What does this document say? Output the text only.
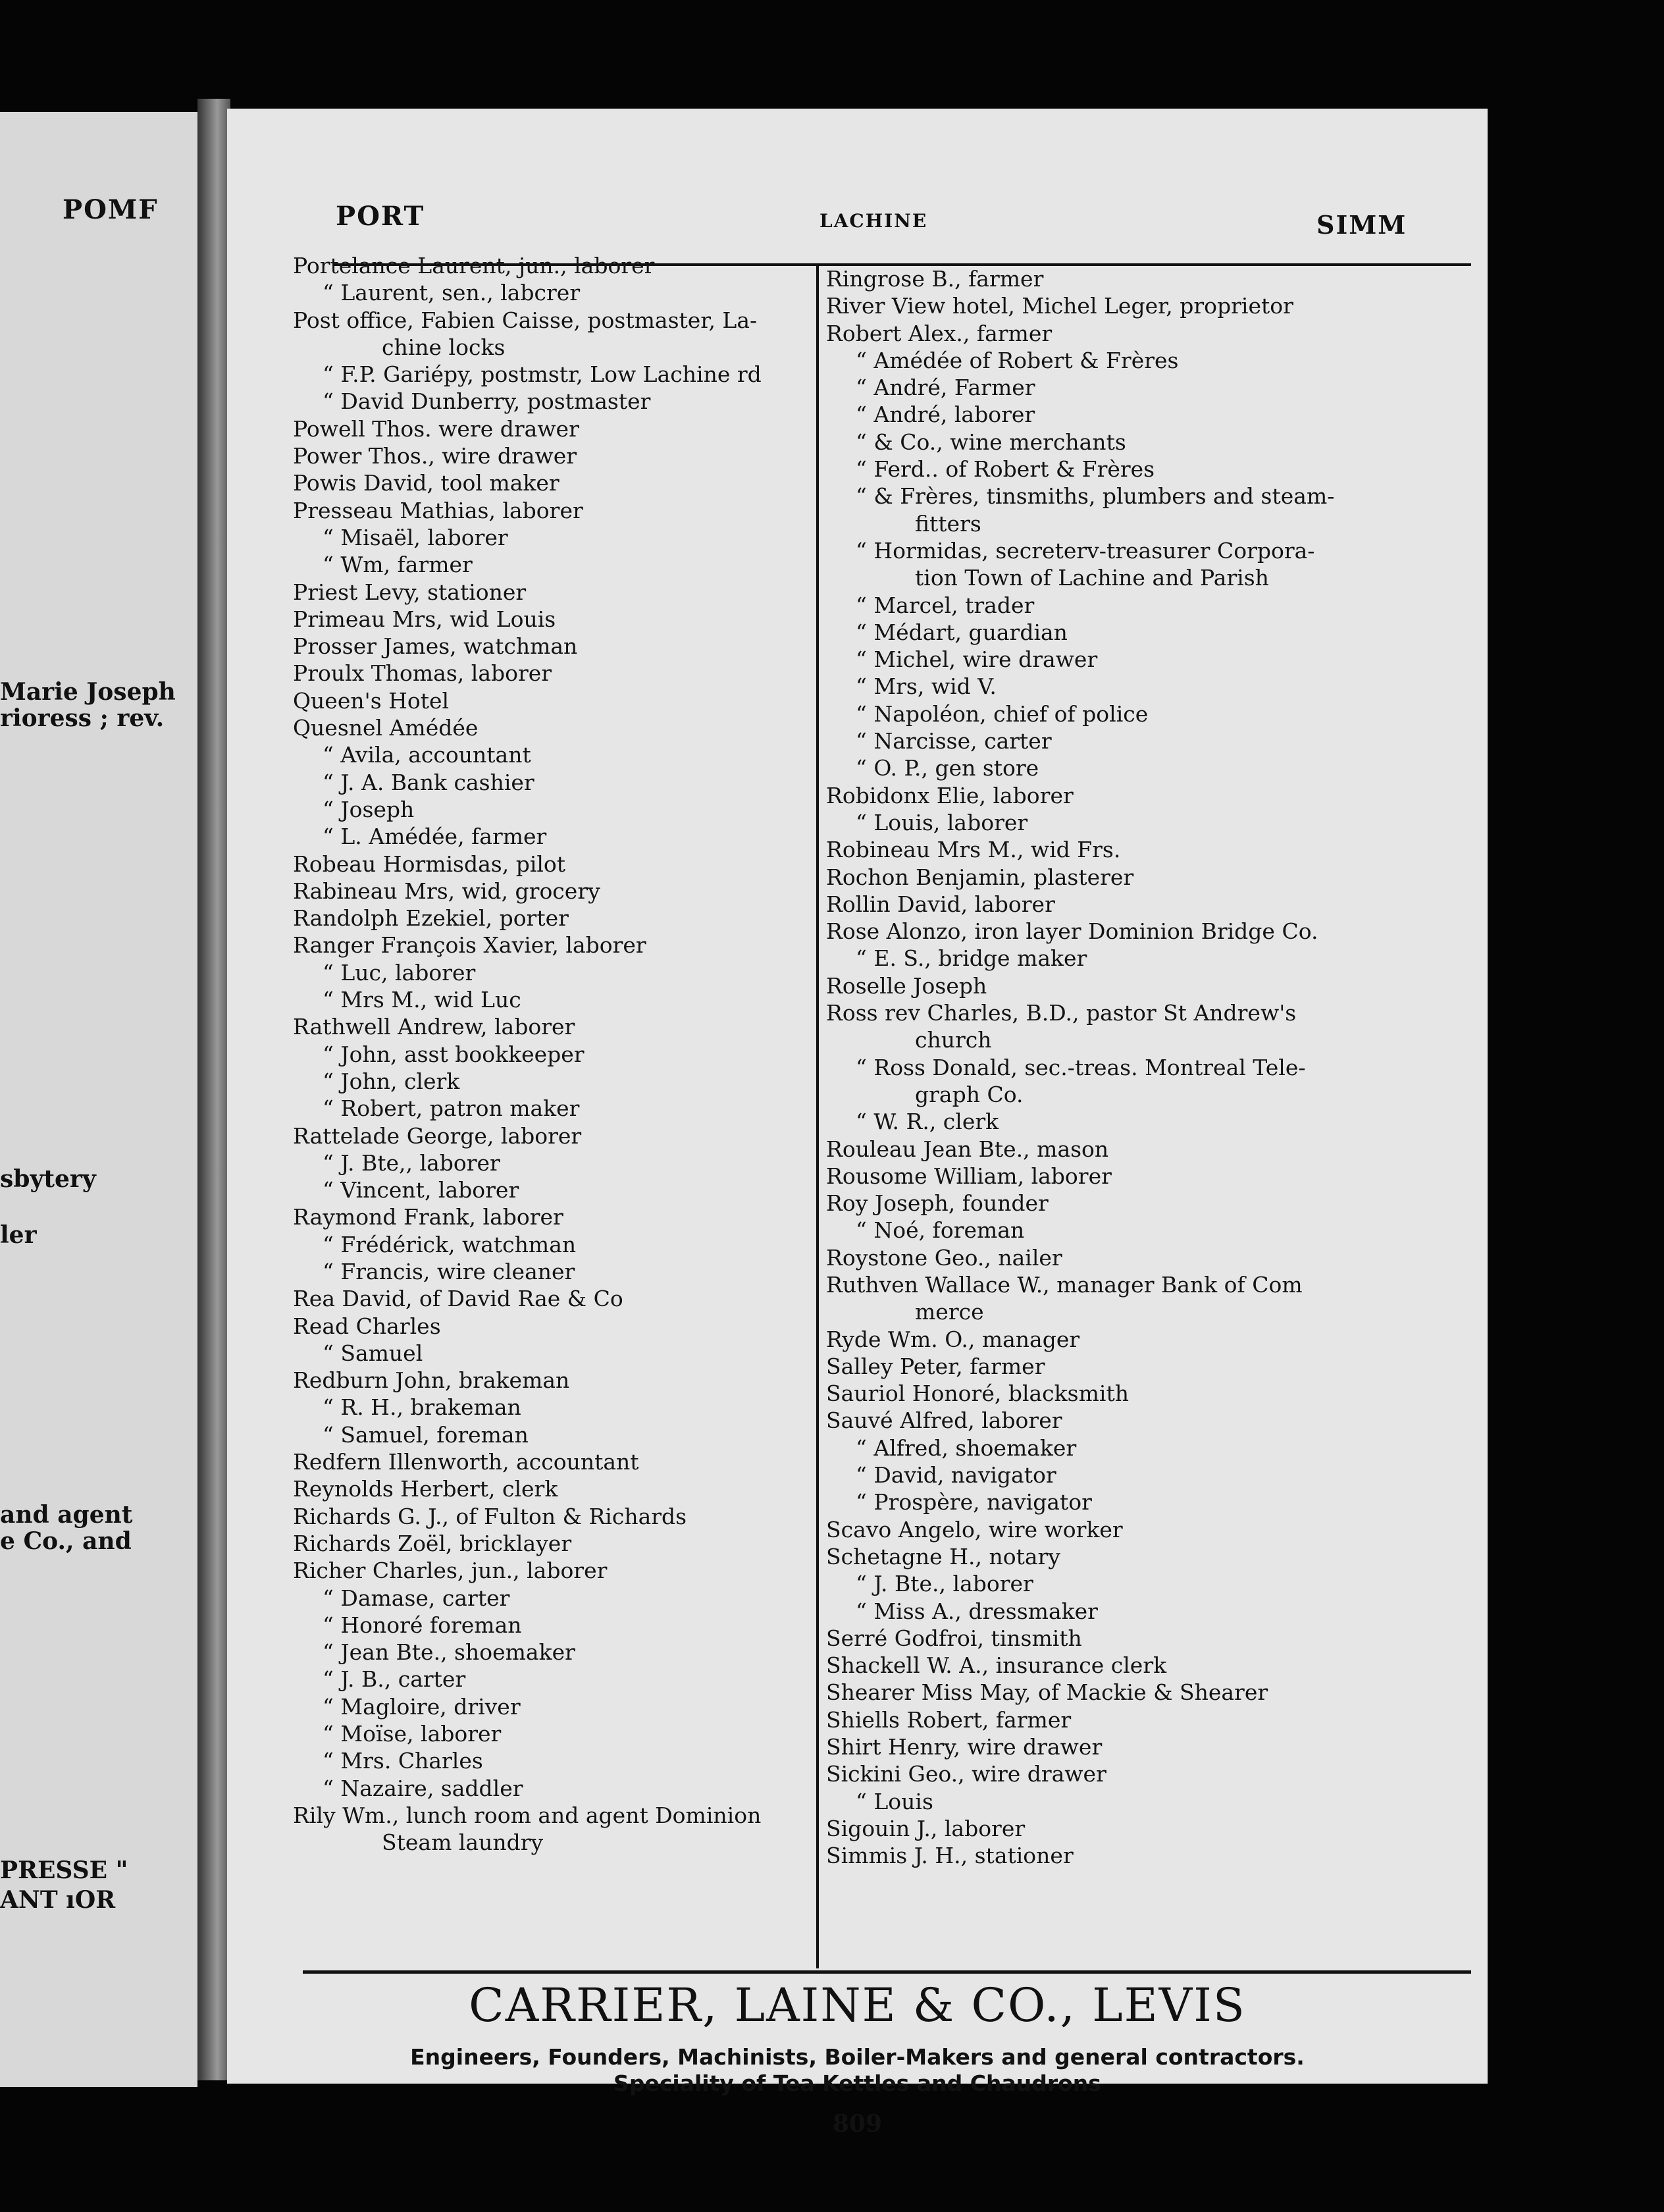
POMF
Marie Joseph
rioress ; rev.
sbytery
ler
and agent
e Co., and
PRESSE "
ANT ıOR
PORT	LACHINE	SIMM
Portelance Laurent, jun., laborer
“ Laurent, sen., labcrer
Post office, Fabien Caisse, postmaster, La-
chine locks
“ F.P. Gariépy, postmstr, Low Lachine rd
“ David Dunberry, postmaster
Powell Thos. were drawer
Power Thos., wire drawer
Powis David, tool maker
Presseau Mathias, laborer
“ Misaël, laborer
“ Wm, farmer
Priest Levy, stationer
Primeau Mrs, wid Louis
Prosser James, watchman
Proulx Thomas, laborer
Queen's Hotel
Quesnel Amédée
“ Avila, accountant
“ J. A. Bank cashier
“ Joseph
“ L. Amédée, farmer
Robeau Hormisdas, pilot
Rabineau Mrs, wid, grocery
Randolph Ezekiel, porter
Ranger François Xavier, laborer
“ Luc, laborer
“ Mrs M., wid Luc
Rathwell Andrew, laborer
“ John, asst bookkeeper
“ John, clerk
“ Robert, patron maker
Rattelade George, laborer
“ J. Bte,, laborer
“ Vincent, laborer
Raymond Frank, laborer
“ Frédérick, watchman
“ Francis, wire cleaner
Rea David, of David Rae & Co
Read Charles
“ Samuel
Redburn John, brakeman
“ R. H., brakeman
“ Samuel, foreman
Redfern Illenworth, accountant
Reynolds Herbert, clerk
Richards G. J., of Fulton & Richards
Richards Zoël, bricklayer
Richer Charles, jun., laborer
“ Damase, carter
“ Honoré foreman
“ Jean Bte., shoemaker
“ J. B., carter
“ Magloire, driver
“ Moïse, laborer
“ Mrs. Charles
“ Nazaire, saddler
Rily Wm., lunch room and agent Dominion
Steam laundry
Ringrose B., farmer
River View hotel, Michel Leger, proprietor
Robert Alex., farmer
“ Amédée of Robert & Frères
“ André, Farmer
“ André, laborer
“ & Co., wine merchants
“ Ferd.. of Robert & Frères
“ & Frères, tinsmiths, plumbers and steam-
fitters
“ Hormidas, secreterv-treasurer Corpora-
tion Town of Lachine and Parish
“ Marcel, trader
“ Médart, guardian
“ Michel, wire drawer
“ Mrs, wid V.
“ Napoléon, chief of police
“ Narcisse, carter
“ O. P., gen store
Robidonx Elie, laborer
“ Louis, laborer
Robineau Mrs M., wid Frs.
Rochon Benjamin, plasterer
Rollin David, laborer
Rose Alonzo, iron layer Dominion Bridge Co.
“ E. S., bridge maker
Roselle Joseph
Ross rev Charles, B.D., pastor St Andrew's
church
“ Ross Donald, sec.-treas. Montreal Tele-
graph Co.
“ W. R., clerk
Rouleau Jean Bte., mason
Rousome William, laborer
Roy Joseph, founder
“ Noé, foreman
Roystone Geo., nailer
Ruthven Wallace W., manager Bank of Com
merce
Ryde Wm. O., manager
Salley Peter, farmer
Sauriol Honoré, blacksmith
Sauvé Alfred, laborer
“ Alfred, shoemaker
“ David, navigator
“ Prospère, navigator
Scavo Angelo, wire worker
Schetagne H., notary
“ J. Bte., laborer
“ Miss A., dressmaker
Serré Godfroi, tinsmith
Shackell W. A., insurance clerk
Shearer Miss May, of Mackie & Shearer
Shiells Robert, farmer
Shirt Henry, wire drawer
Sickini Geo., wire drawer
“ Louis
Sigouin J., laborer
Simmis J. H., stationer
CARRIER, LAINE & CO., LEVIS
Engineers, Founders, Machinists, Boiler-Makers and general contractors.
Speciality of Tea Kettles and Chaudrons
809
